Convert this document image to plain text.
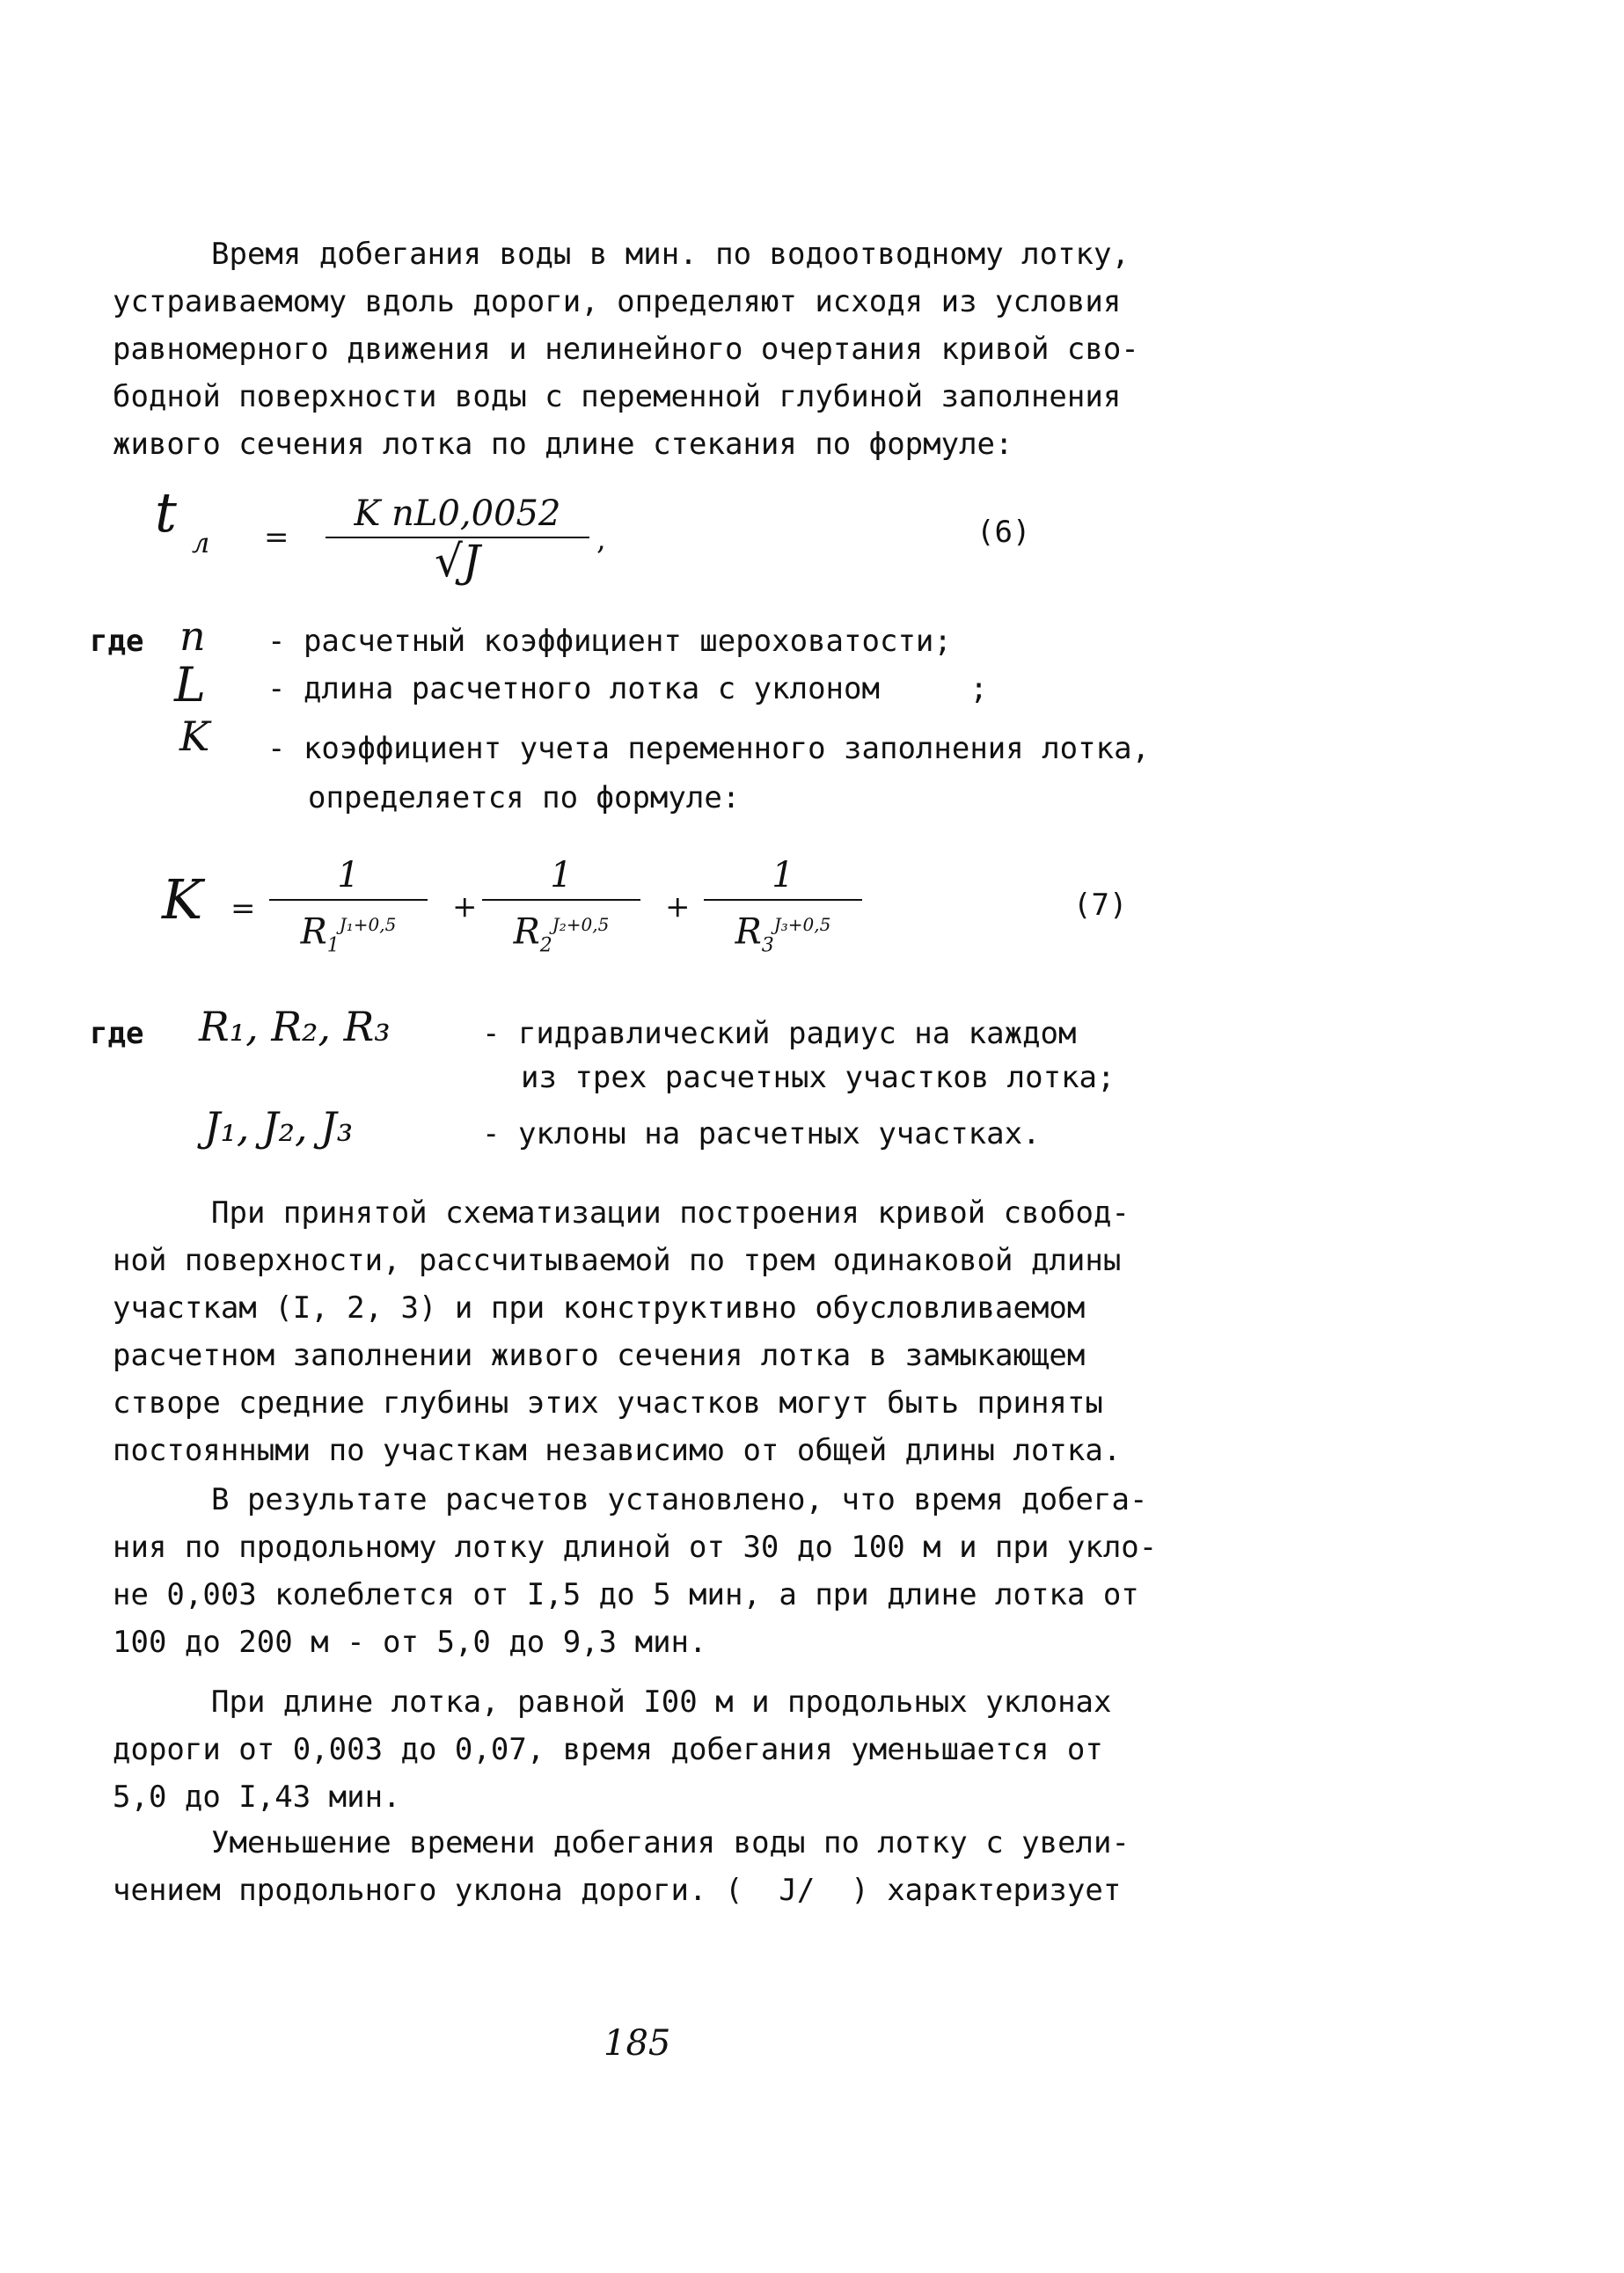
Время добегания воды в мин. по водоотводному лотку,
устраиваемому вдоль дороги, определяют исходя из условия
равномерного движения и нелинейного очертания кривой сво-
бодной поверхности воды с переменной глубиной заполнения
живого сечения лотка по длине стекания по формуле:
t л =
K nL0,0052
√J	,	(6)
где n - расчетный коэффициент шероховатости;
L - длина расчетного лотка с уклоном     ;
K - коэффициент учета переменного заполнения лотка,
определяется по формуле:
$K = \frac{1}{R_1^{J_1+0,5}} + \frac{1}{R_2^{J_2+0,5}} + \frac{1}{R_3^{J_3+0,5}}$	(7)
где R₁, R₂, R₃	- гидравлический радиус на каждом
из трех расчетных участков лотка;
J₁, J₂, J₃	- уклоны на расчетных участках.
При принятой схематизации построения кривой свобод-
ной поверхности, рассчитываемой по трем одинаковой длины
участкам (I, 2, 3) и при конструктивно обусловливаемом
расчетном заполнении живого сечения лотка в замыкающем
створе средние глубины этих участков могут быть приняты
постоянными по участкам независимо от общей длины лотка.
В результате расчетов установлено, что время добега-
ния по продольному лотку длиной от 30 до 100 м и при укло-
не 0,003 колеблется от I,5 до 5 мин, а при длине лотка от
100 до 200 м - от 5,0 до 9,3 мин.
При длине лотка, равной I00 м и продольных уклонах
дороги от 0,003 до 0,07, время добегания уменьшается от
5,0 до I,43 мин.
Уменьшение времени добегания воды по лотку с увели-
чением продольного уклона дороги. (  J/  ) характеризует
185
